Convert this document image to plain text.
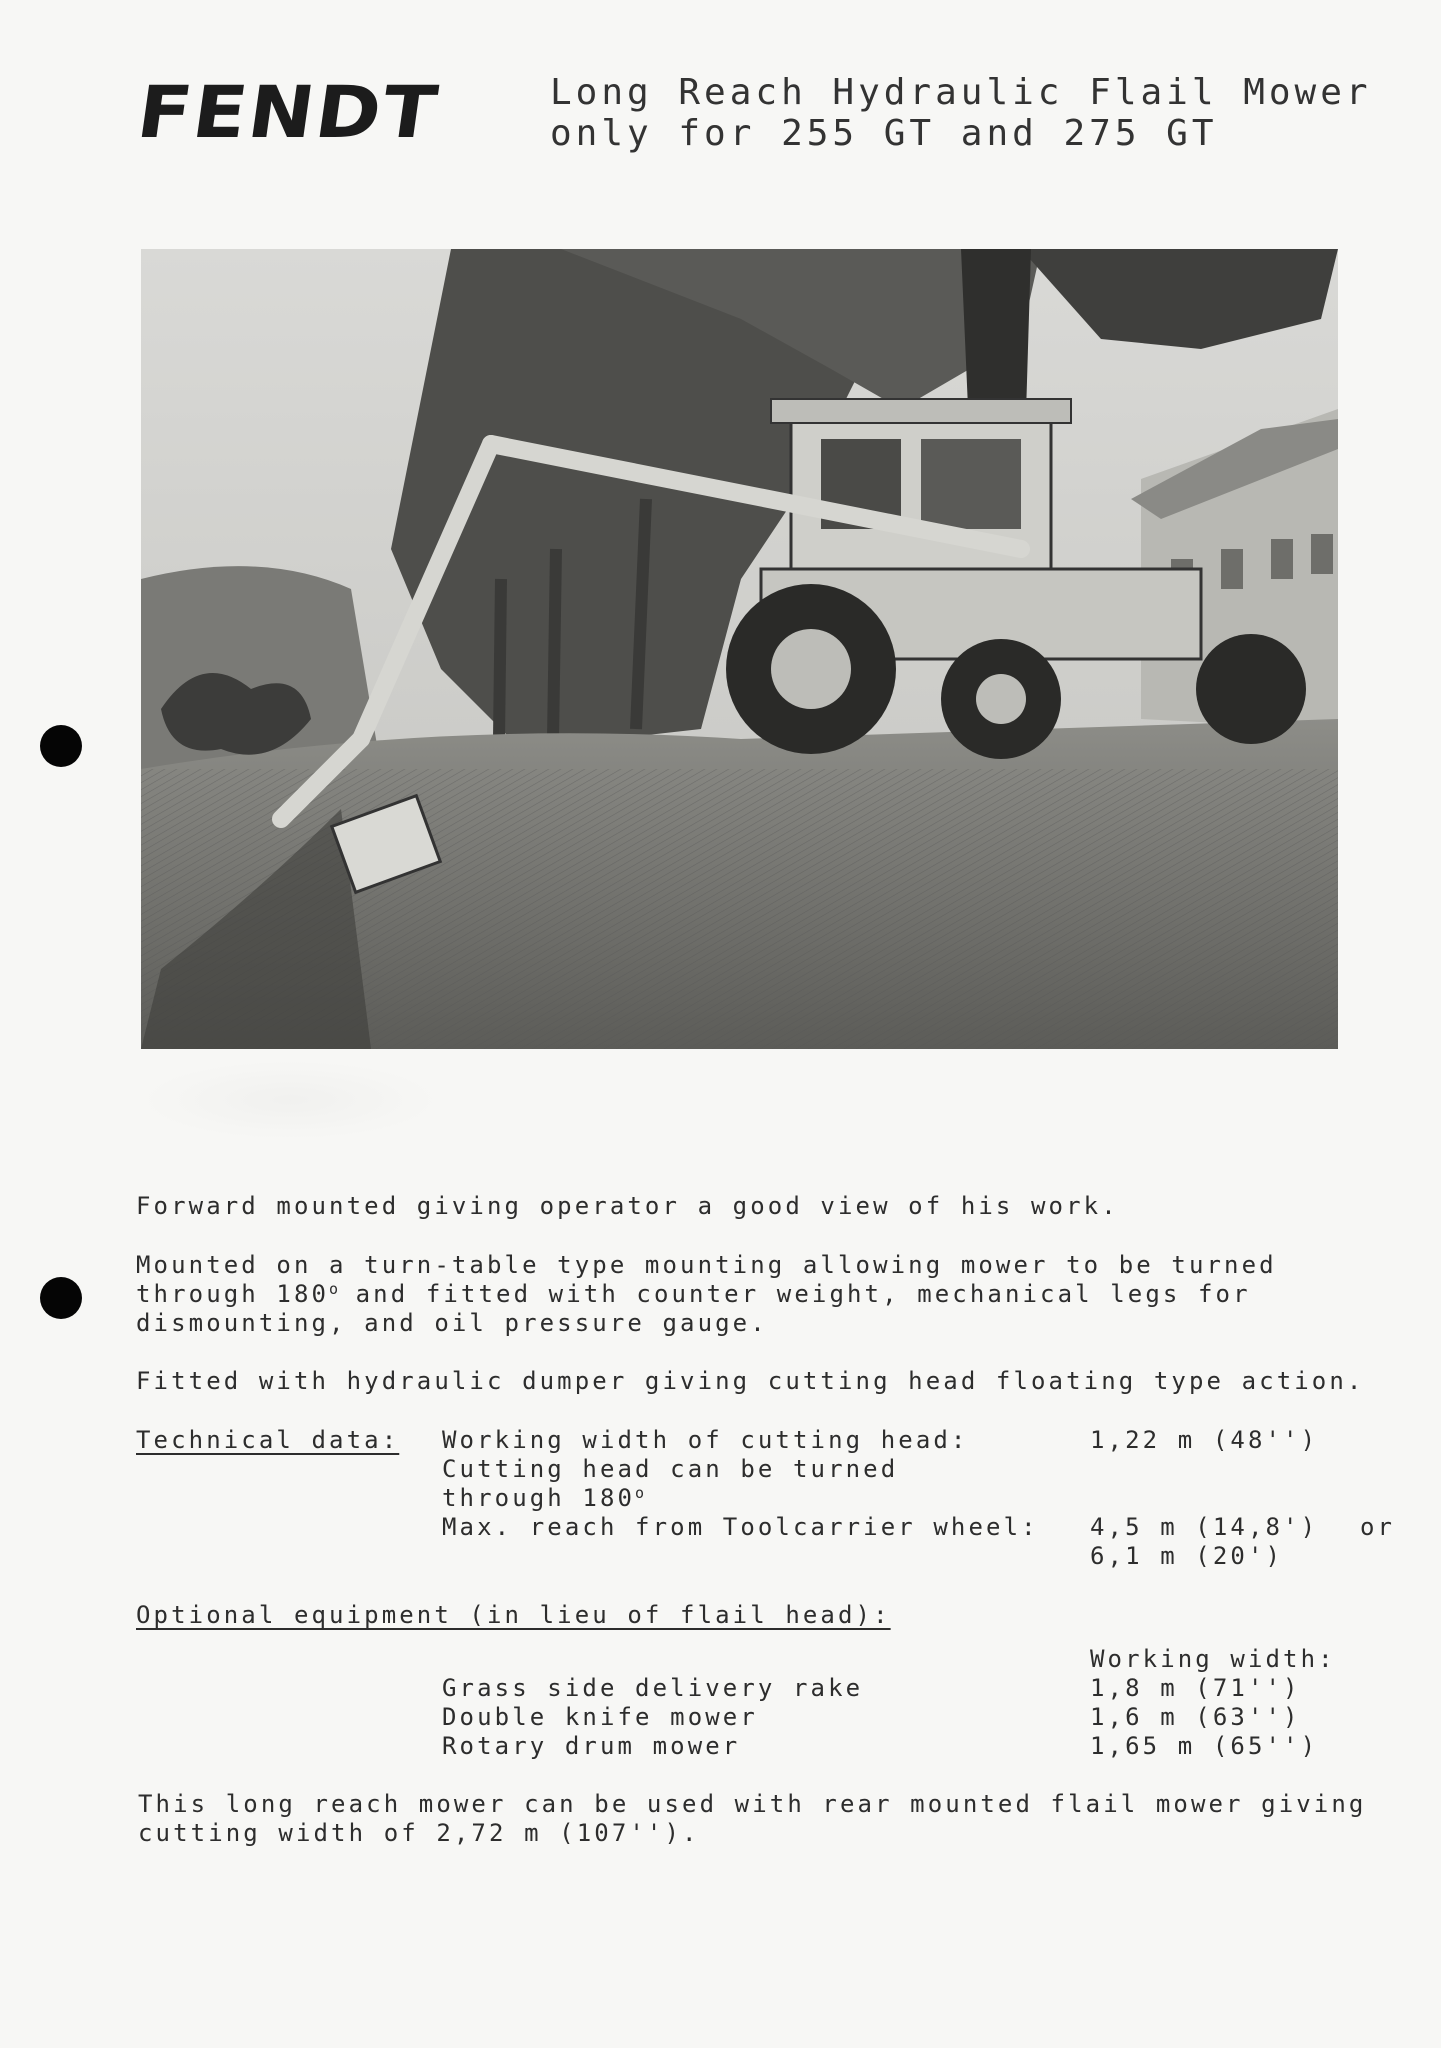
FENDT	Long Reach Hydraulic Flail Mower
only for 255 GT and 275 GT
Forward mounted giving operator a good view of his work.
Mounted on a turn-table type mounting allowing mower to be turned
through 180$^o$ and fitted with counter weight, mechanical legs for
dismounting, and oil pressure gauge.
Fitted with hydraulic dumper giving cutting head floating type action.
Technical data: Working width of cutting head:	1,22 m (48'')
Cutting head can be turned
through 180$^o$
Max. reach from Toolcarrier wheel: 4,5 m (14,8') or
6,1 m (20')
Optional equipment (in lieu of flail head):
Working width:
Grass side delivery rake	1,8 m (71'')
Double knife mower	1,6 m (63'')
Rotary drum mower	1,65 m (65'')
This long reach mower can be used with rear mounted flail mower giving
cutting width of 2,72 m (107'').
